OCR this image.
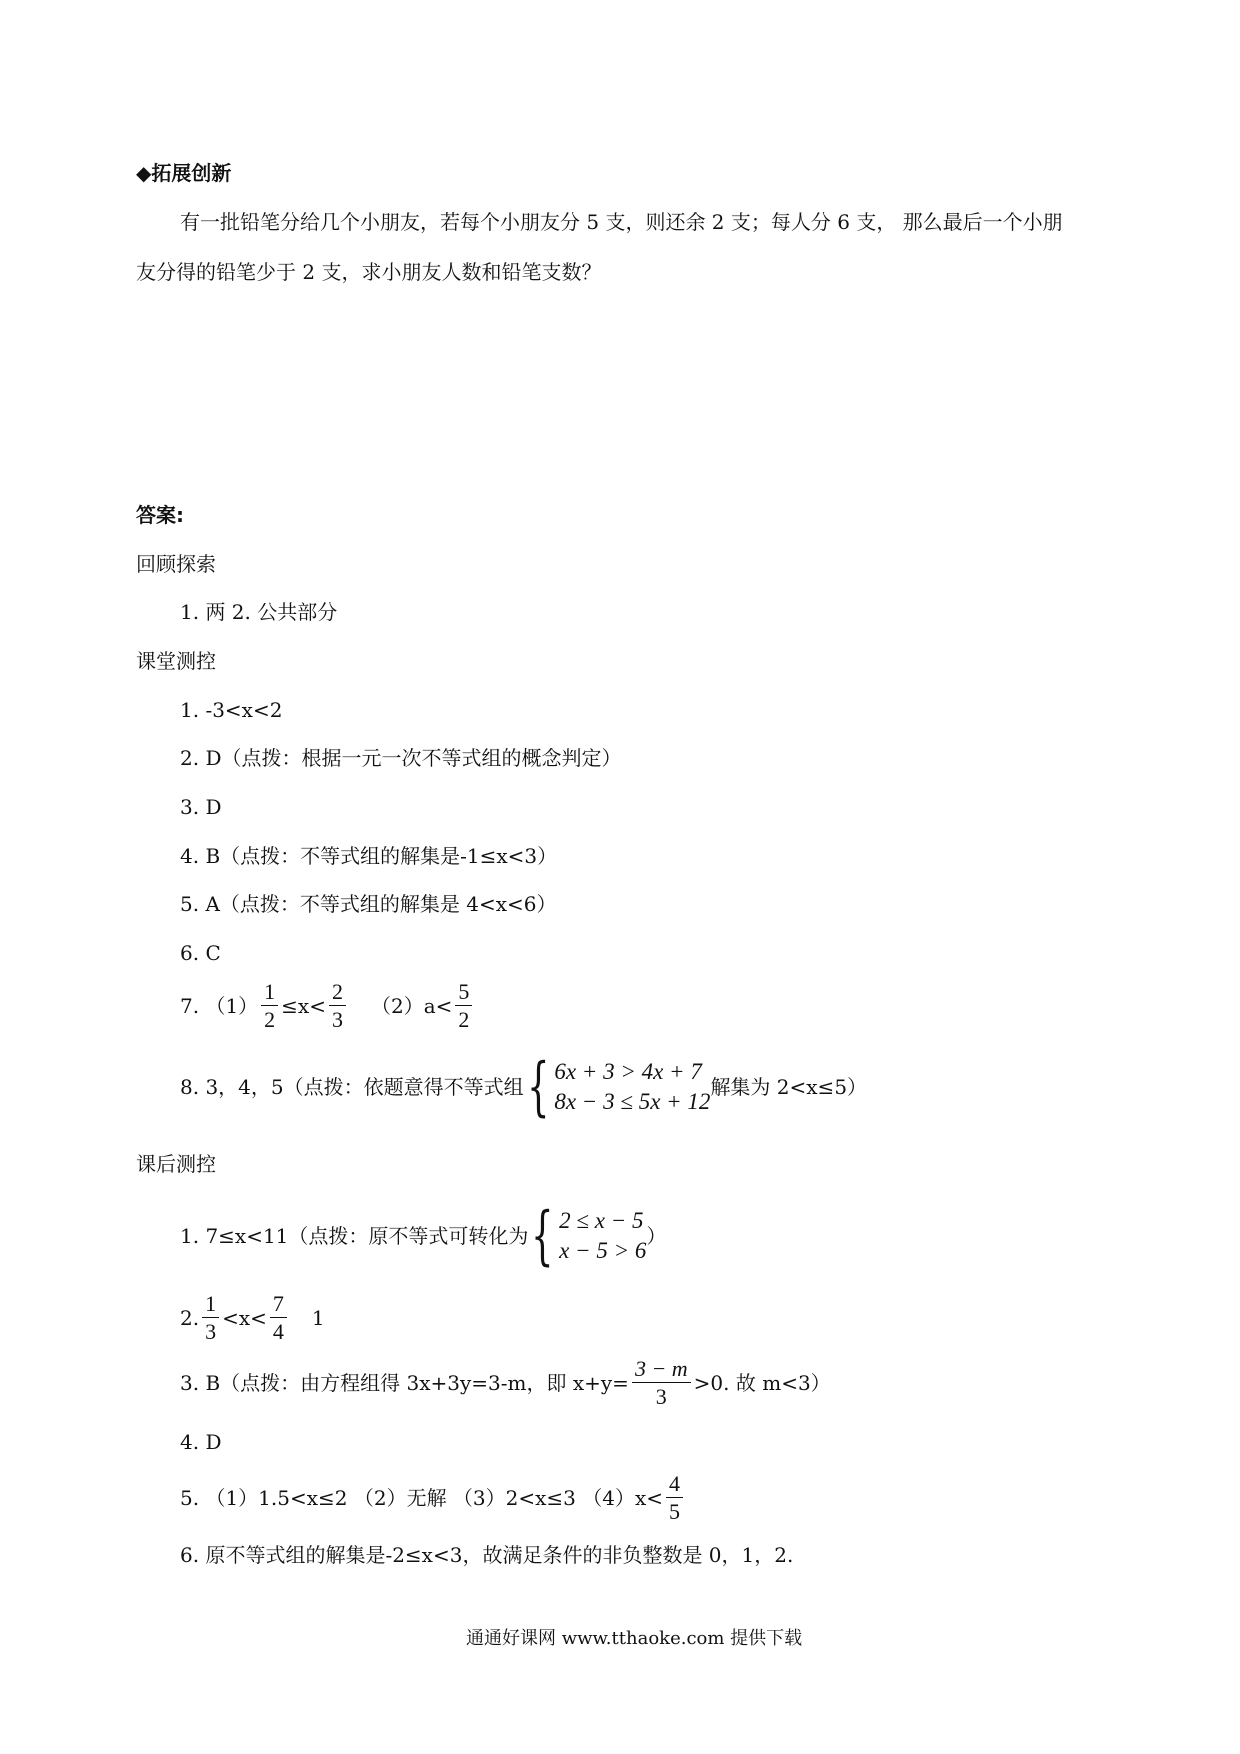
◆拓展创新
有一批铅笔分给几个小朋友，若每个小朋友分 5 支，则还余 2 支；每人分 6 支， 那么最后一个小朋
友分得的铅笔少于 2 支，求小朋友人数和铅笔支数？
答案:
回顾探索
1. 两 2. 公共部分
课堂测控
1. -3<x<2
2. D（点拨：根据一元一次不等式组的概念判定）
3. D
4. B（点拨：不等式组的解集是-1≤x<3）
5. A（点拨：不等式组的解集是 4<x<6）
6. C
7. $(1) \frac{1}{2} \le x< \frac{2}{3} (2)a< \frac{5}{2}$
8. 3，4，5（点拨：依题意得不等式组 { 6x + 3 > 4x + 7
8x − 3 ≤ 5x + 12
解集为 2<x≤5）
课后测控
1. 7≤x<11（点拨：原不等式可转化为 { 2 ≤ x − 5
x − 5 > 6
）
2. $\frac{1}{3} <x< \frac{7}{4} 1$
3. B（点拨：由方程组得 3x+3y=3-m，即 $x+y= \frac{3 - m}{3} >0$. 故 m<3）
4. D
5. （1）1.5<x≤2 （2）无解 （3）2<x≤3 $(4)x< \frac{4}{5}$
6. 原不等式组的解集是-2≤x<3，故满足条件的非负整数是 0，1，2.
通通好课网 www.tthaoke.com 提供下载
